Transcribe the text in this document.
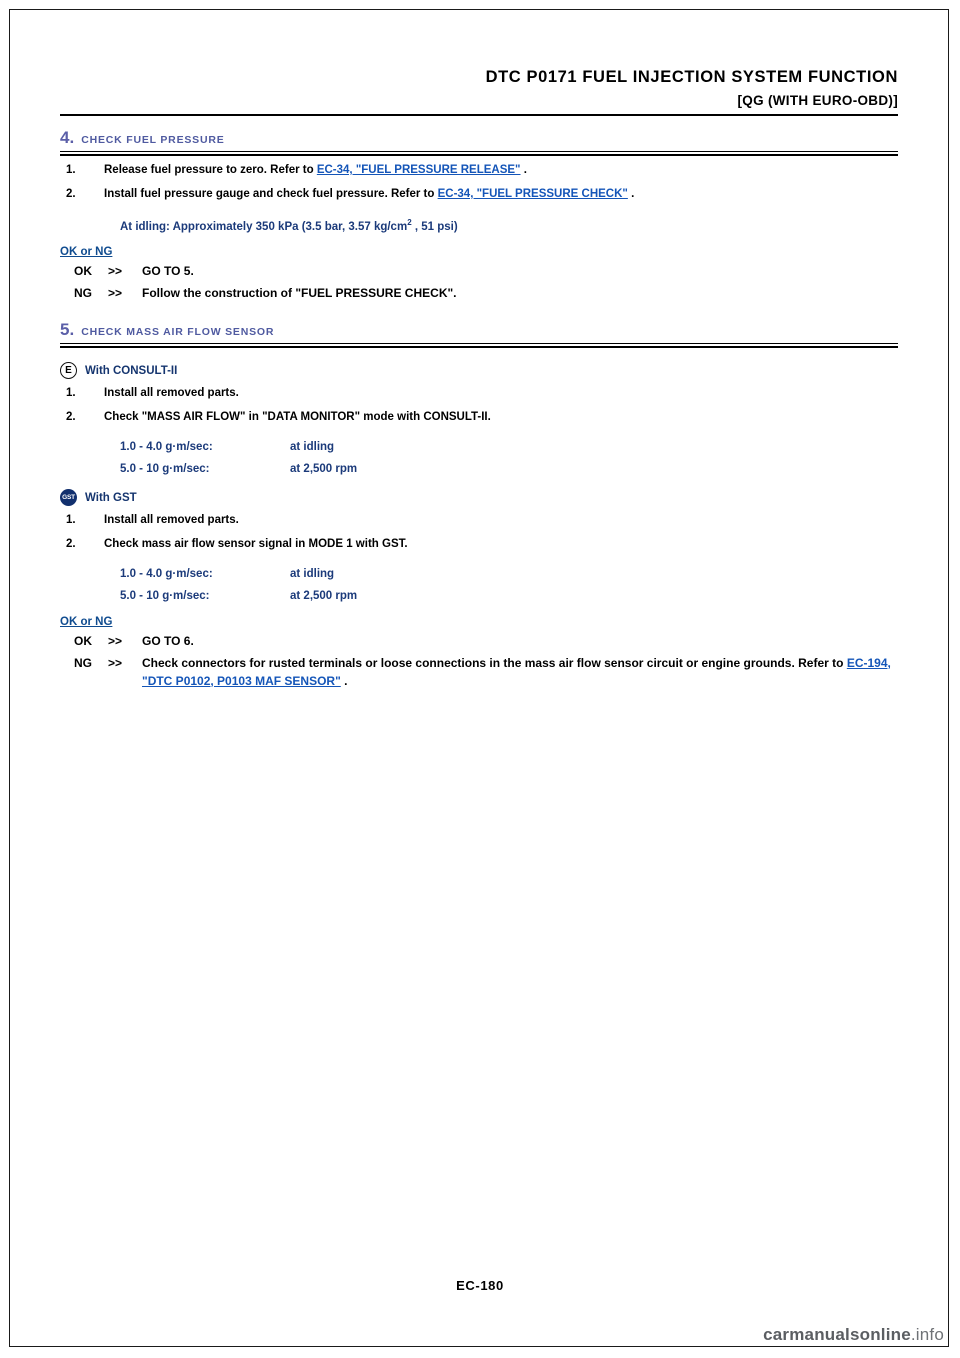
DTC P0171 FUEL INJECTION SYSTEM FUNCTION
[QG (WITH EURO-OBD)]
4. CHECK FUEL PRESSURE
1.	Release fuel pressure to zero. Refer to EC-34, "FUEL PRESSURE RELEASE" .
2.	Install fuel pressure gauge and check fuel pressure. Refer to EC-34, "FUEL PRESSURE CHECK" .
At idling: Approximately 350 kPa (3.5 bar, 3.57 $kg/cm^2$ , 51 psi)
OK or NG
OK	>>	GO TO 5.
NG	>>	Follow the construction of "FUEL PRESSURE CHECK".
5. CHECK MASS AIR FLOW SENSOR
E	With CONSULT-II
1.	Install all removed parts.
2.	Check "MASS AIR FLOW" in "DATA MONITOR" mode with CONSULT-II.
1.0 - 4.0 g·m/sec:	at idling
5.0 - 10 g·m/sec:	at 2,500 rpm
GST With GST
1.	Install all removed parts.
2.	Check mass air flow sensor signal in MODE 1 with GST.
1.0 - 4.0 g·m/sec:	at idling
5.0 - 10 g·m/sec:	at 2,500 rpm
OK or NG
OK	>>	GO TO 6.
NG	>>	Check connectors for rusted terminals or loose connections in the mass air flow sensor circuit or engine grounds. Refer to EC-194, "DTC P0102, P0103 MAF SENSOR" .
EC-180
carmanualsonline.info
